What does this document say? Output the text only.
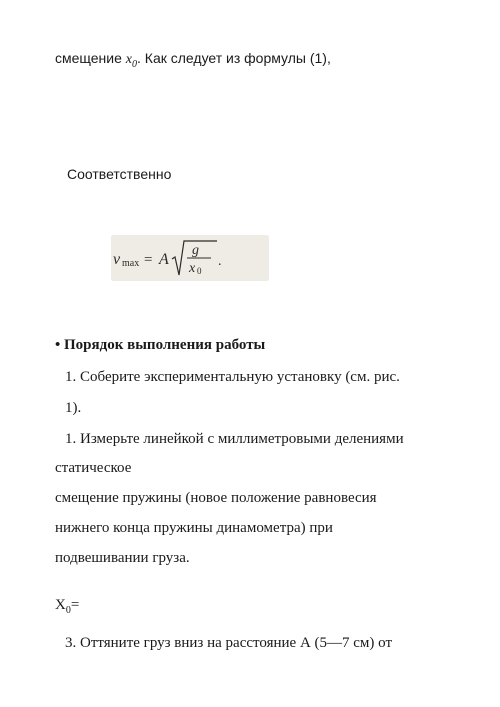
смещение $x_0$. Как следует из формулы (1),
Соответственно
v max = A
g
x 0
.
• Порядок выполнения работы
1. Соберите экспериментальную установку (см. рис.
1).
1. Измерьте линейкой с миллиметровыми делениями
статическое
смещение пружины (новое положение равновесия
нижнего конца пружины динамометра) при
подвешивании груза.
$X_0=$
3. Оттяните груз вниз на расстояние А (5—7 см) от
